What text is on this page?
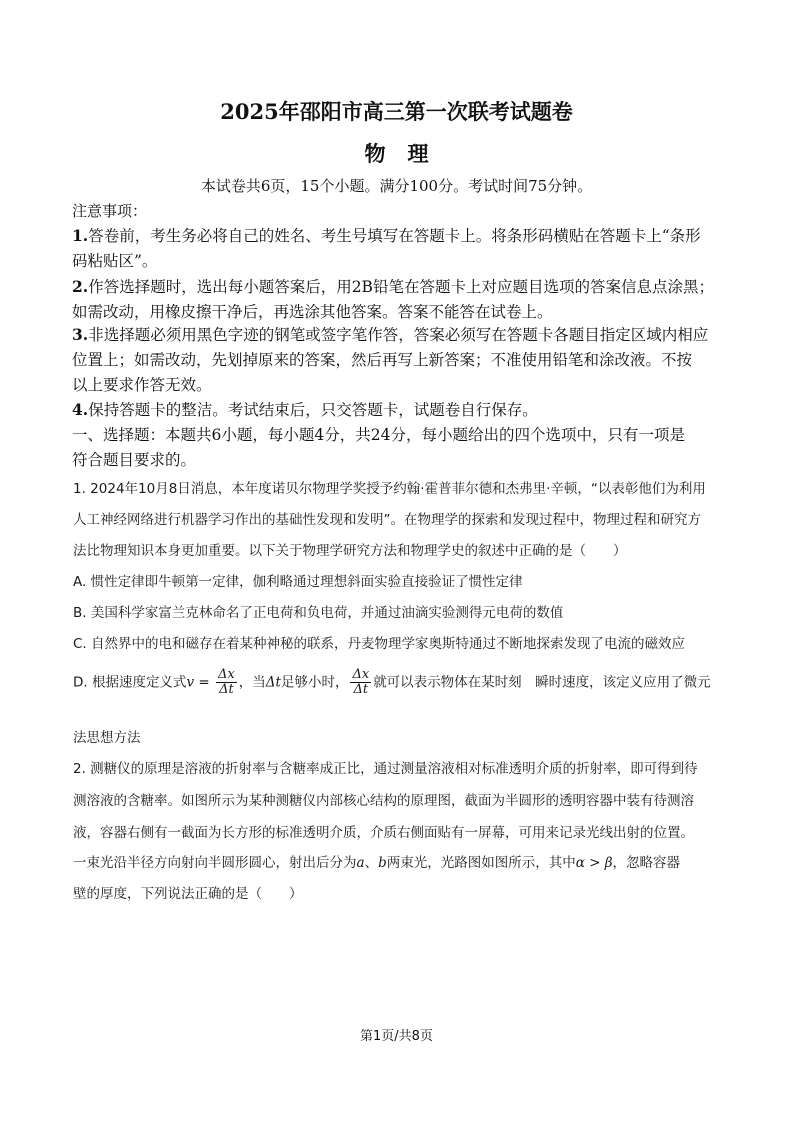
2025年邵阳市高三第一次联考试题卷
物理
本试卷共6页，15个小题。满分100分。考试时间75分钟。
注意事项：
1.答卷前，考生务必将自己的姓名、考生号填写在答题卡上。将条形码横贴在答题卡上“条形
码粘贴区”。
2.作答选择题时，选出每小题答案后，用2B铅笔在答题卡上对应题目选项的答案信息点涂黑；
如需改动，用橡皮擦干净后，再选涂其他答案。答案不能答在试卷上。
3.非选择题必须用黑色字迹的钢笔或签字笔作答，答案必须写在答题卡各题目指定区域内相应
位置上；如需改动，先划掉原来的答案，然后再写上新答案；不准使用铅笔和涂改液。不按
以上要求作答无效。
4.保持答题卡的整洁。考试结束后，只交答题卡，试题卷自行保存。
一、选择题：本题共6小题，每小题4分，共24分，每小题给出的四个选项中，只有一项是
符合题目要求的。
1. 2024年10月8日消息，本年度诺贝尔物理学奖授予约翰·霍普菲尔德和杰弗里·辛顿，“以表彰他们为利用
人工神经网络进行机器学习作出的基础性发现和发明”。在物理学的探索和发现过程中，物理过程和研究方
法比物理知识本身更加重要。以下关于物理学研究方法和物理学史的叙述中正确的是（　　）
A. 惯性定律即牛顿第一定律，伽利略通过理想斜面实验直接验证了惯性定律
B. 美国科学家富兰克林命名了正电荷和负电荷，并通过油滴实验测得元电荷的数值
C. 自然界中的电和磁存在着某种神秘的联系，丹麦物理学家奥斯特通过不断地探索发现了电流的磁效应
D. 根据速度定义式$v = \frac{\Delta x}{\Delta t}$ ，当Δt足够小时， $\frac{\Delta x}{\Delta t}$ 就可以表示物体在某时刻　瞬时速度，该定义应用了微元
法思想方法
2. 测糖仪的原理是溶液的折射率与含糖率成正比，通过测量溶液相对标准透明介质的折射率，即可得到待
测溶液的含糖率。如图所示为某种测糖仪内部核心结构的原理图，截面为半圆形的透明容器中装有待测溶
液，容器右侧有一截面为长方形的标准透明介质，介质右侧面贴有一屏幕，可用来记录光线出射的位置。
一束光沿半径方向射向半圆形圆心，射出后分为a、b两束光，光路图如图所示，其中α > β，忽略容器
壁的厚度，下列说法正确的是（　　）
第1页/共8页
